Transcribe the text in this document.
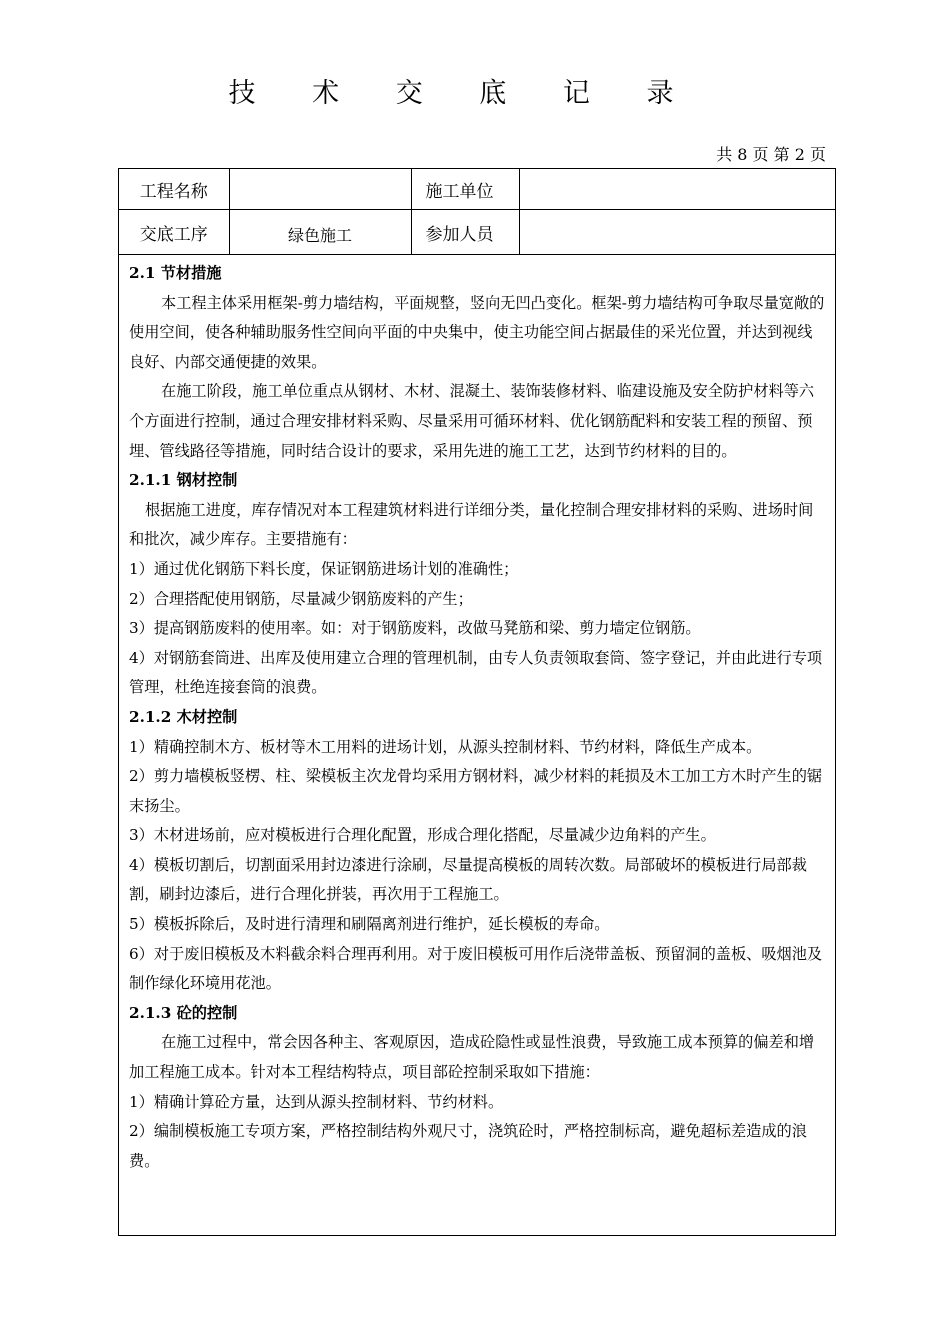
技 术 交 底 记 录
共 8 页 第 2 页
工程名称		施工单位	
交底工序	绿色施工	参加人员	

2.1 节材措施

本工程主体采用框架-剪力墙结构，平面规整，竖向无凹凸变化。框架-剪力墙结构可争取尽量宽敞的使用空间，使各种辅助服务性空间向平面的中央集中，使主功能空间占据最佳的采光位置，并达到视线良好、内部交通便捷的效果。

在施工阶段，施工单位重点从钢材、木材、混凝土、装饰装修材料、临建设施及安全防护材料等六个方面进行控制，通过合理安排材料采购、尽量采用可循环材料、优化钢筋配料和安装工程的预留、预埋、管线路径等措施，同时结合设计的要求，采用先进的施工工艺，达到节约材料的目的。

2.1.1 钢材控制

根据施工进度，库存情况对本工程建筑材料进行详细分类，量化控制合理安排材料的采购、进场时间和批次，减少库存。主要措施有：

1）通过优化钢筋下料长度，保证钢筋进场计划的准确性；

2）合理搭配使用钢筋，尽量减少钢筋废料的产生；

3）提高钢筋废料的使用率。如：对于钢筋废料，改做马凳筋和梁、剪力墙定位钢筋。

4）对钢筋套筒进、出库及使用建立合理的管理机制，由专人负责领取套筒、签字登记，并由此进行专项管理，杜绝连接套筒的浪费。

2.1.2 木材控制

1）精确控制木方、板材等木工用料的进场计划，从源头控制材料、节约材料，降低生产成本。

2）剪力墙模板竖楞、柱、梁模板主次龙骨均采用方钢材料，减少材料的耗损及木工加工方木时产生的锯末扬尘。

3）木材进场前，应对模板进行合理化配置，形成合理化搭配，尽量减少边角料的产生。

4）模板切割后，切割面采用封边漆进行涂刷，尽量提高模板的周转次数。局部破坏的模板进行局部裁割，刷封边漆后，进行合理化拼装，再次用于工程施工。

5）模板拆除后，及时进行清理和刷隔离剂进行维护，延长模板的寿命。

6）对于废旧模板及木料截余料合理再利用。对于废旧模板可用作后浇带盖板、预留洞的盖板、吸烟池及制作绿化环境用花池。

2.1.3 砼的控制

在施工过程中，常会因各种主、客观原因，造成砼隐性或显性浪费，导致施工成本预算的偏差和增加工程施工成本。针对本工程结构特点，项目部砼控制采取如下措施：

1）精确计算砼方量，达到从源头控制材料、节约材料。

2）编制模板施工专项方案，严格控制结构外观尺寸，浇筑砼时，严格控制标高，避免超标差造成的浪费。
